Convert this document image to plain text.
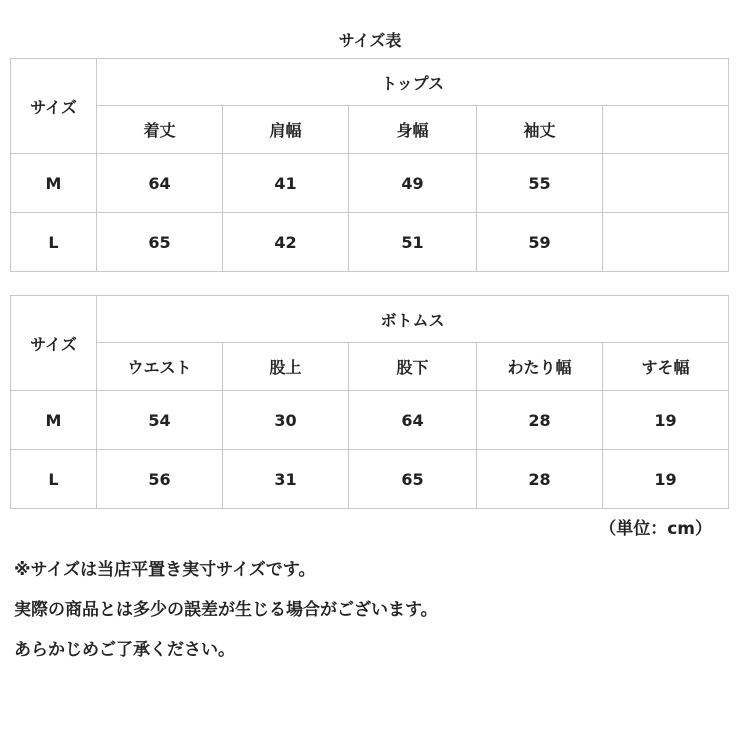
サイズ表
サイズ	トップス				
	着丈	肩幅	身幅	袖丈	
M	64	41	49	55	
L	65	42	51	59	
サイズ	ボトムス				
	ウエスト	股上	股下	わたり幅	すそ幅
M	54	30	64	28	19
L	56	31	65	28	19
（単位：cm）
※サイズは当店平置き実寸サイズです。
実際の商品とは多少の誤差が生じる場合がございます。
あらかじめご了承ください。
